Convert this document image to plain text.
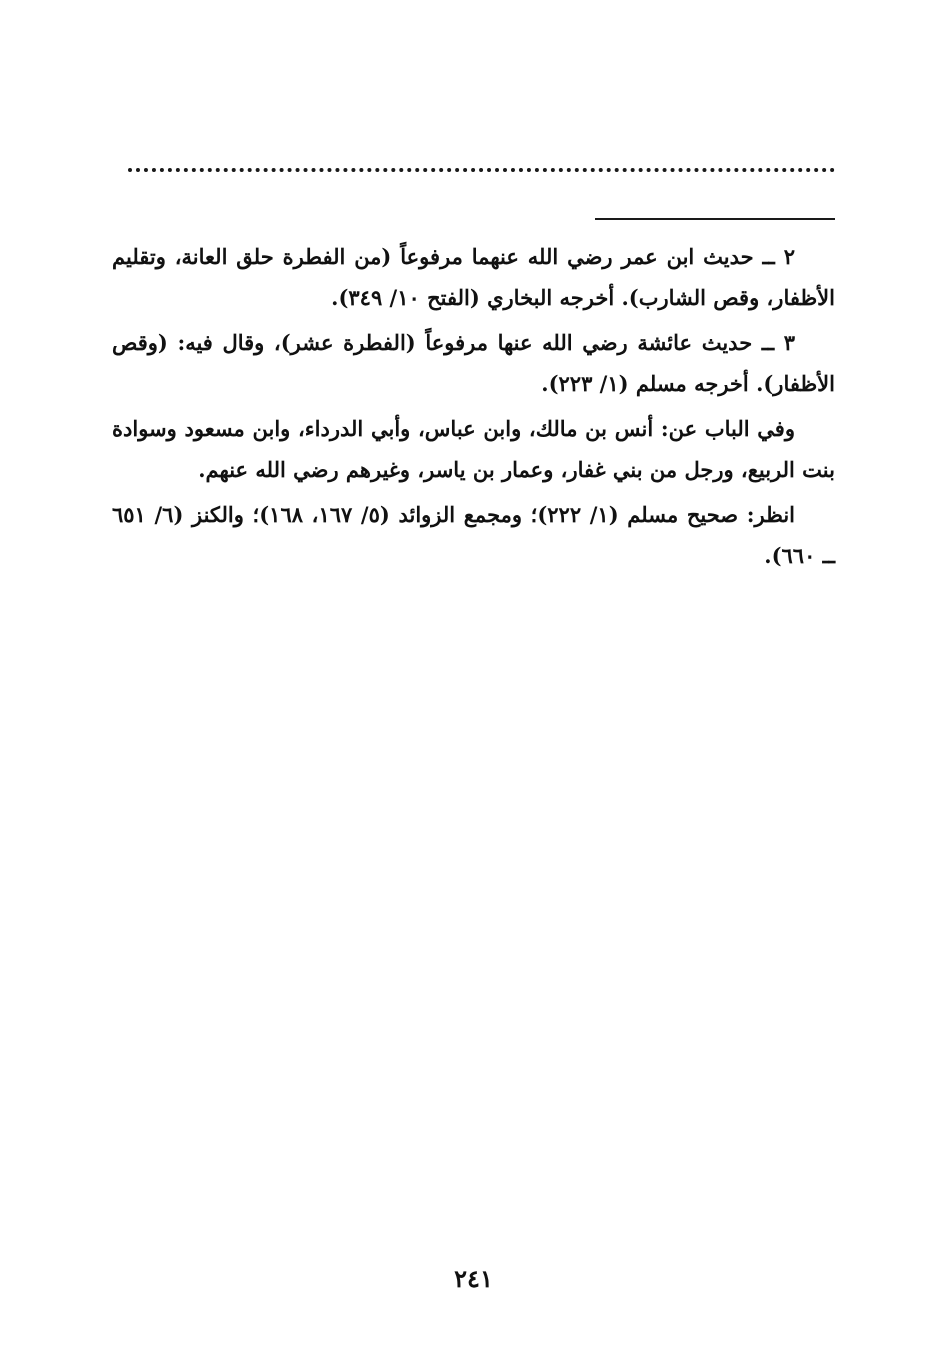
٢ ــ حديث ابن عمر رضي الله عنهما مرفوعاً (من الفطرة حلق العانة، وتقليم الأظفار، وقص الشارب). أخرجه البخاري (الفتح ١٠/ ٣٤٩).

٣ ــ حديث عائشة رضي الله عنها مرفوعاً (الفطرة عشر)، وقال فيه: (وقص الأظفار). أخرجه مسلم (١/ ٢٢٣).

وفي الباب عن: أنس بن مالك، وابن عباس، وأبي الدرداء، وابن مسعود وسوادة بنت الربيع، ورجل من بني غفار، وعمار بن ياسر، وغيرهم رضي الله عنهم.

انظر: صحيح مسلم (١/ ٢٢٢)؛ ومجمع الزوائد (٥/ ١٦٧، ١٦٨)؛ والكنز (٦/ ٦٥١ ــ ٦٦٠).

٢٤١
